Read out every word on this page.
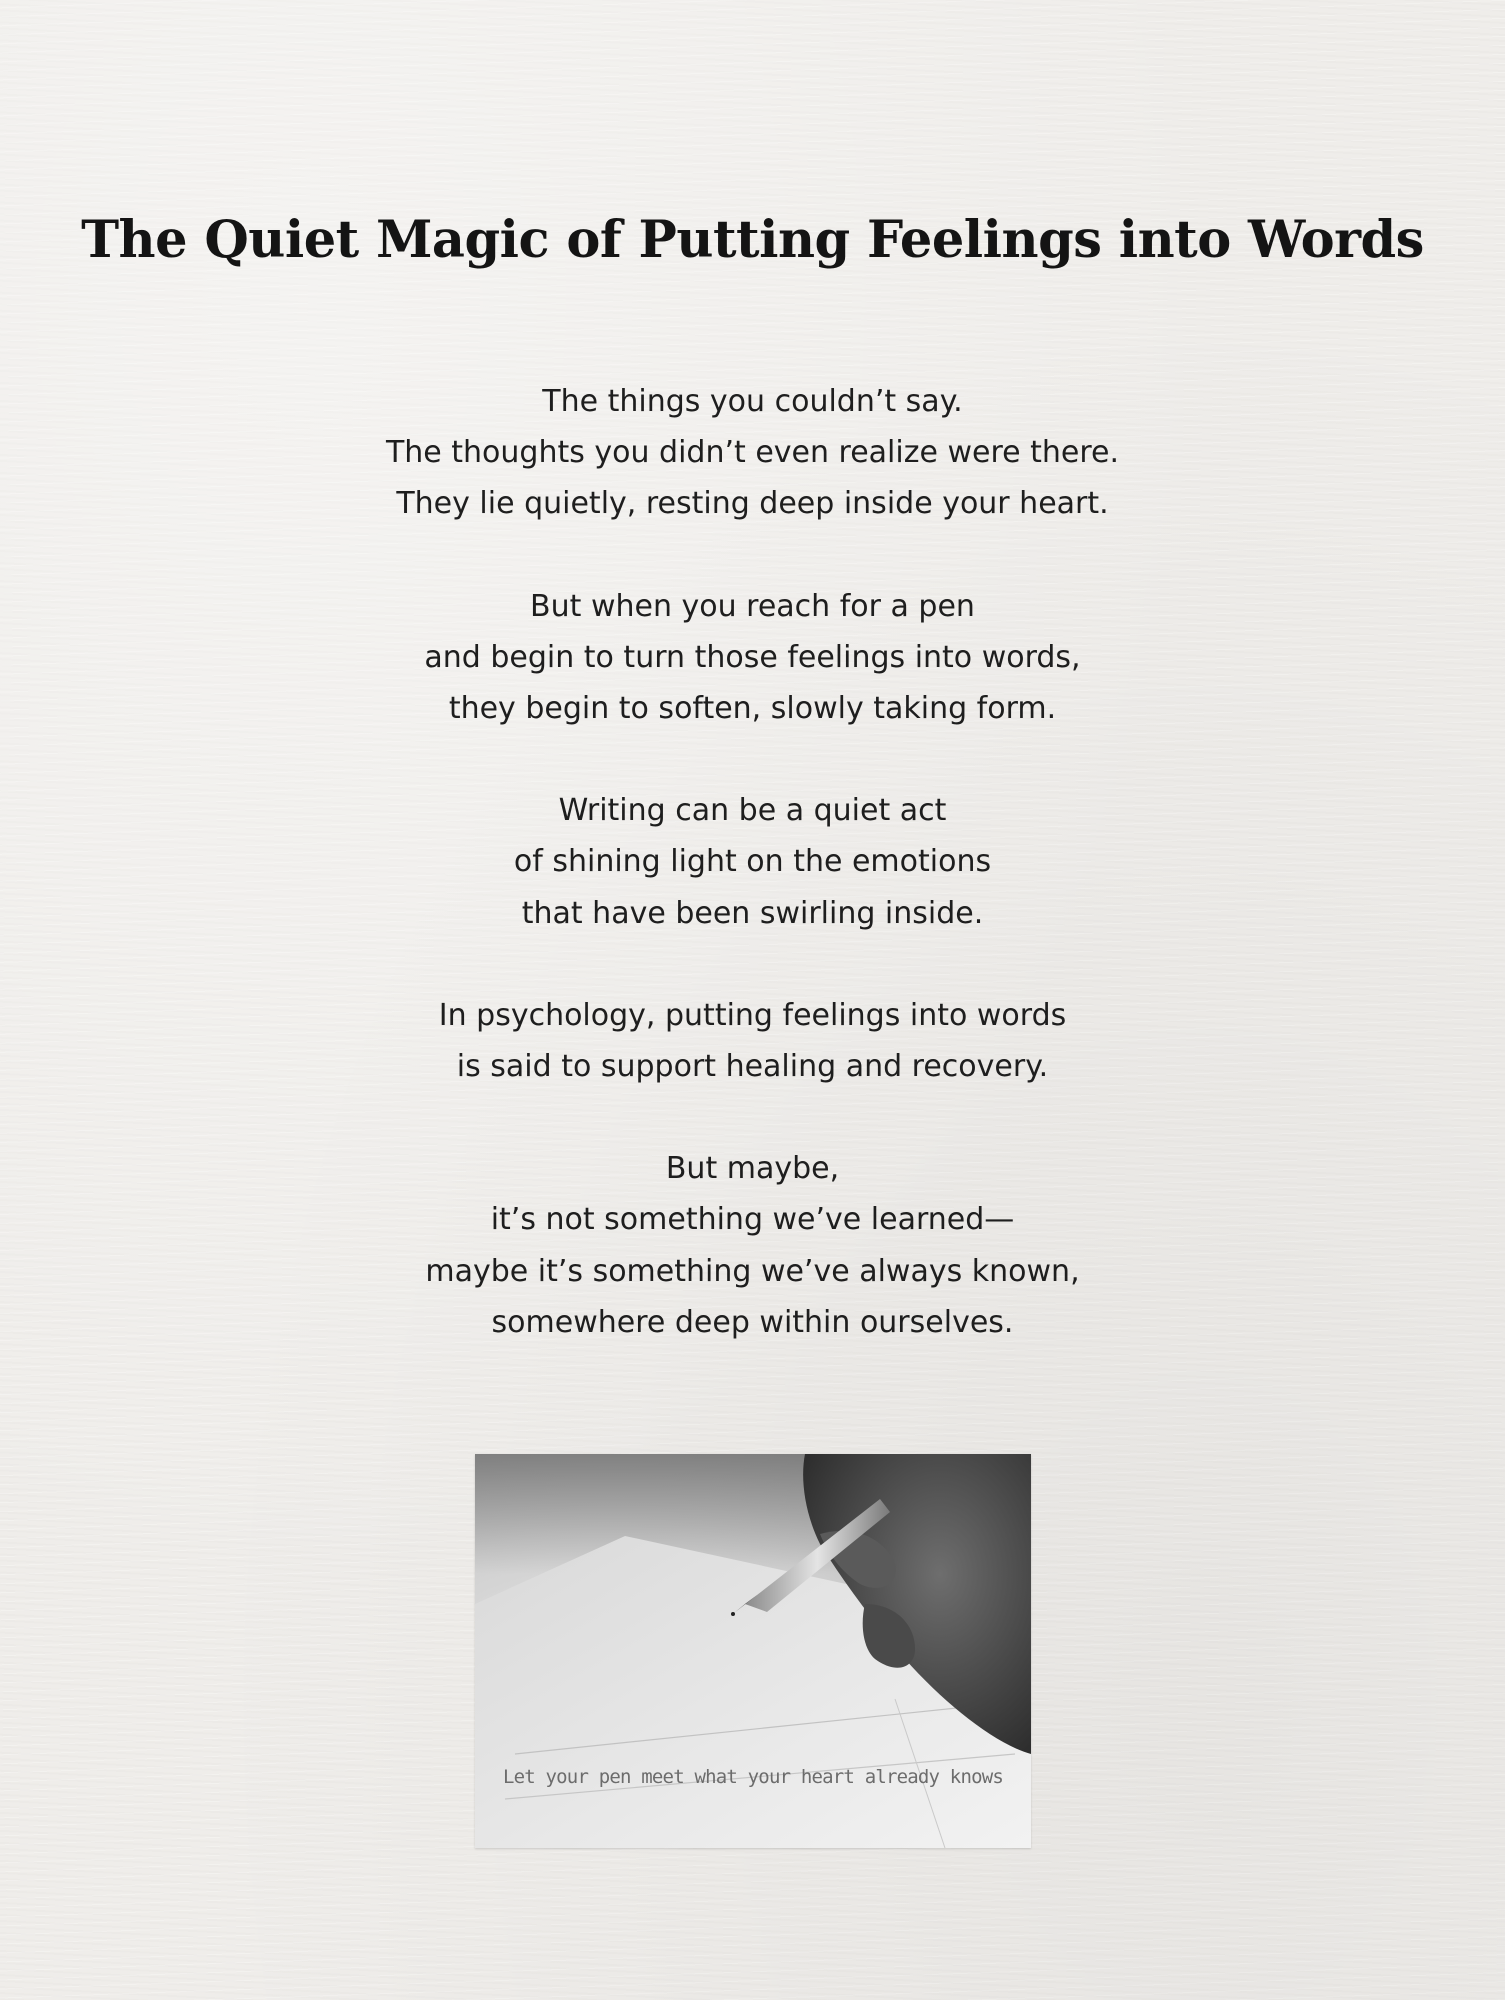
The Quiet Magic of Putting Feelings into Words
The things you couldn’t say.
The thoughts you didn’t even realize were there.
They lie quietly, resting deep inside your heart.
But when you reach for a pen
and begin to turn those feelings into words,
they begin to soften, slowly taking form.
Writing can be a quiet act
of shining light on the emotions
that have been swirling inside.
In psychology, putting feelings into words
is said to support healing and recovery.
But maybe,
it’s not something we’ve learned—
maybe it’s something we’ve always known,
somewhere deep within ourselves.
Let your pen meet what your heart already knows
